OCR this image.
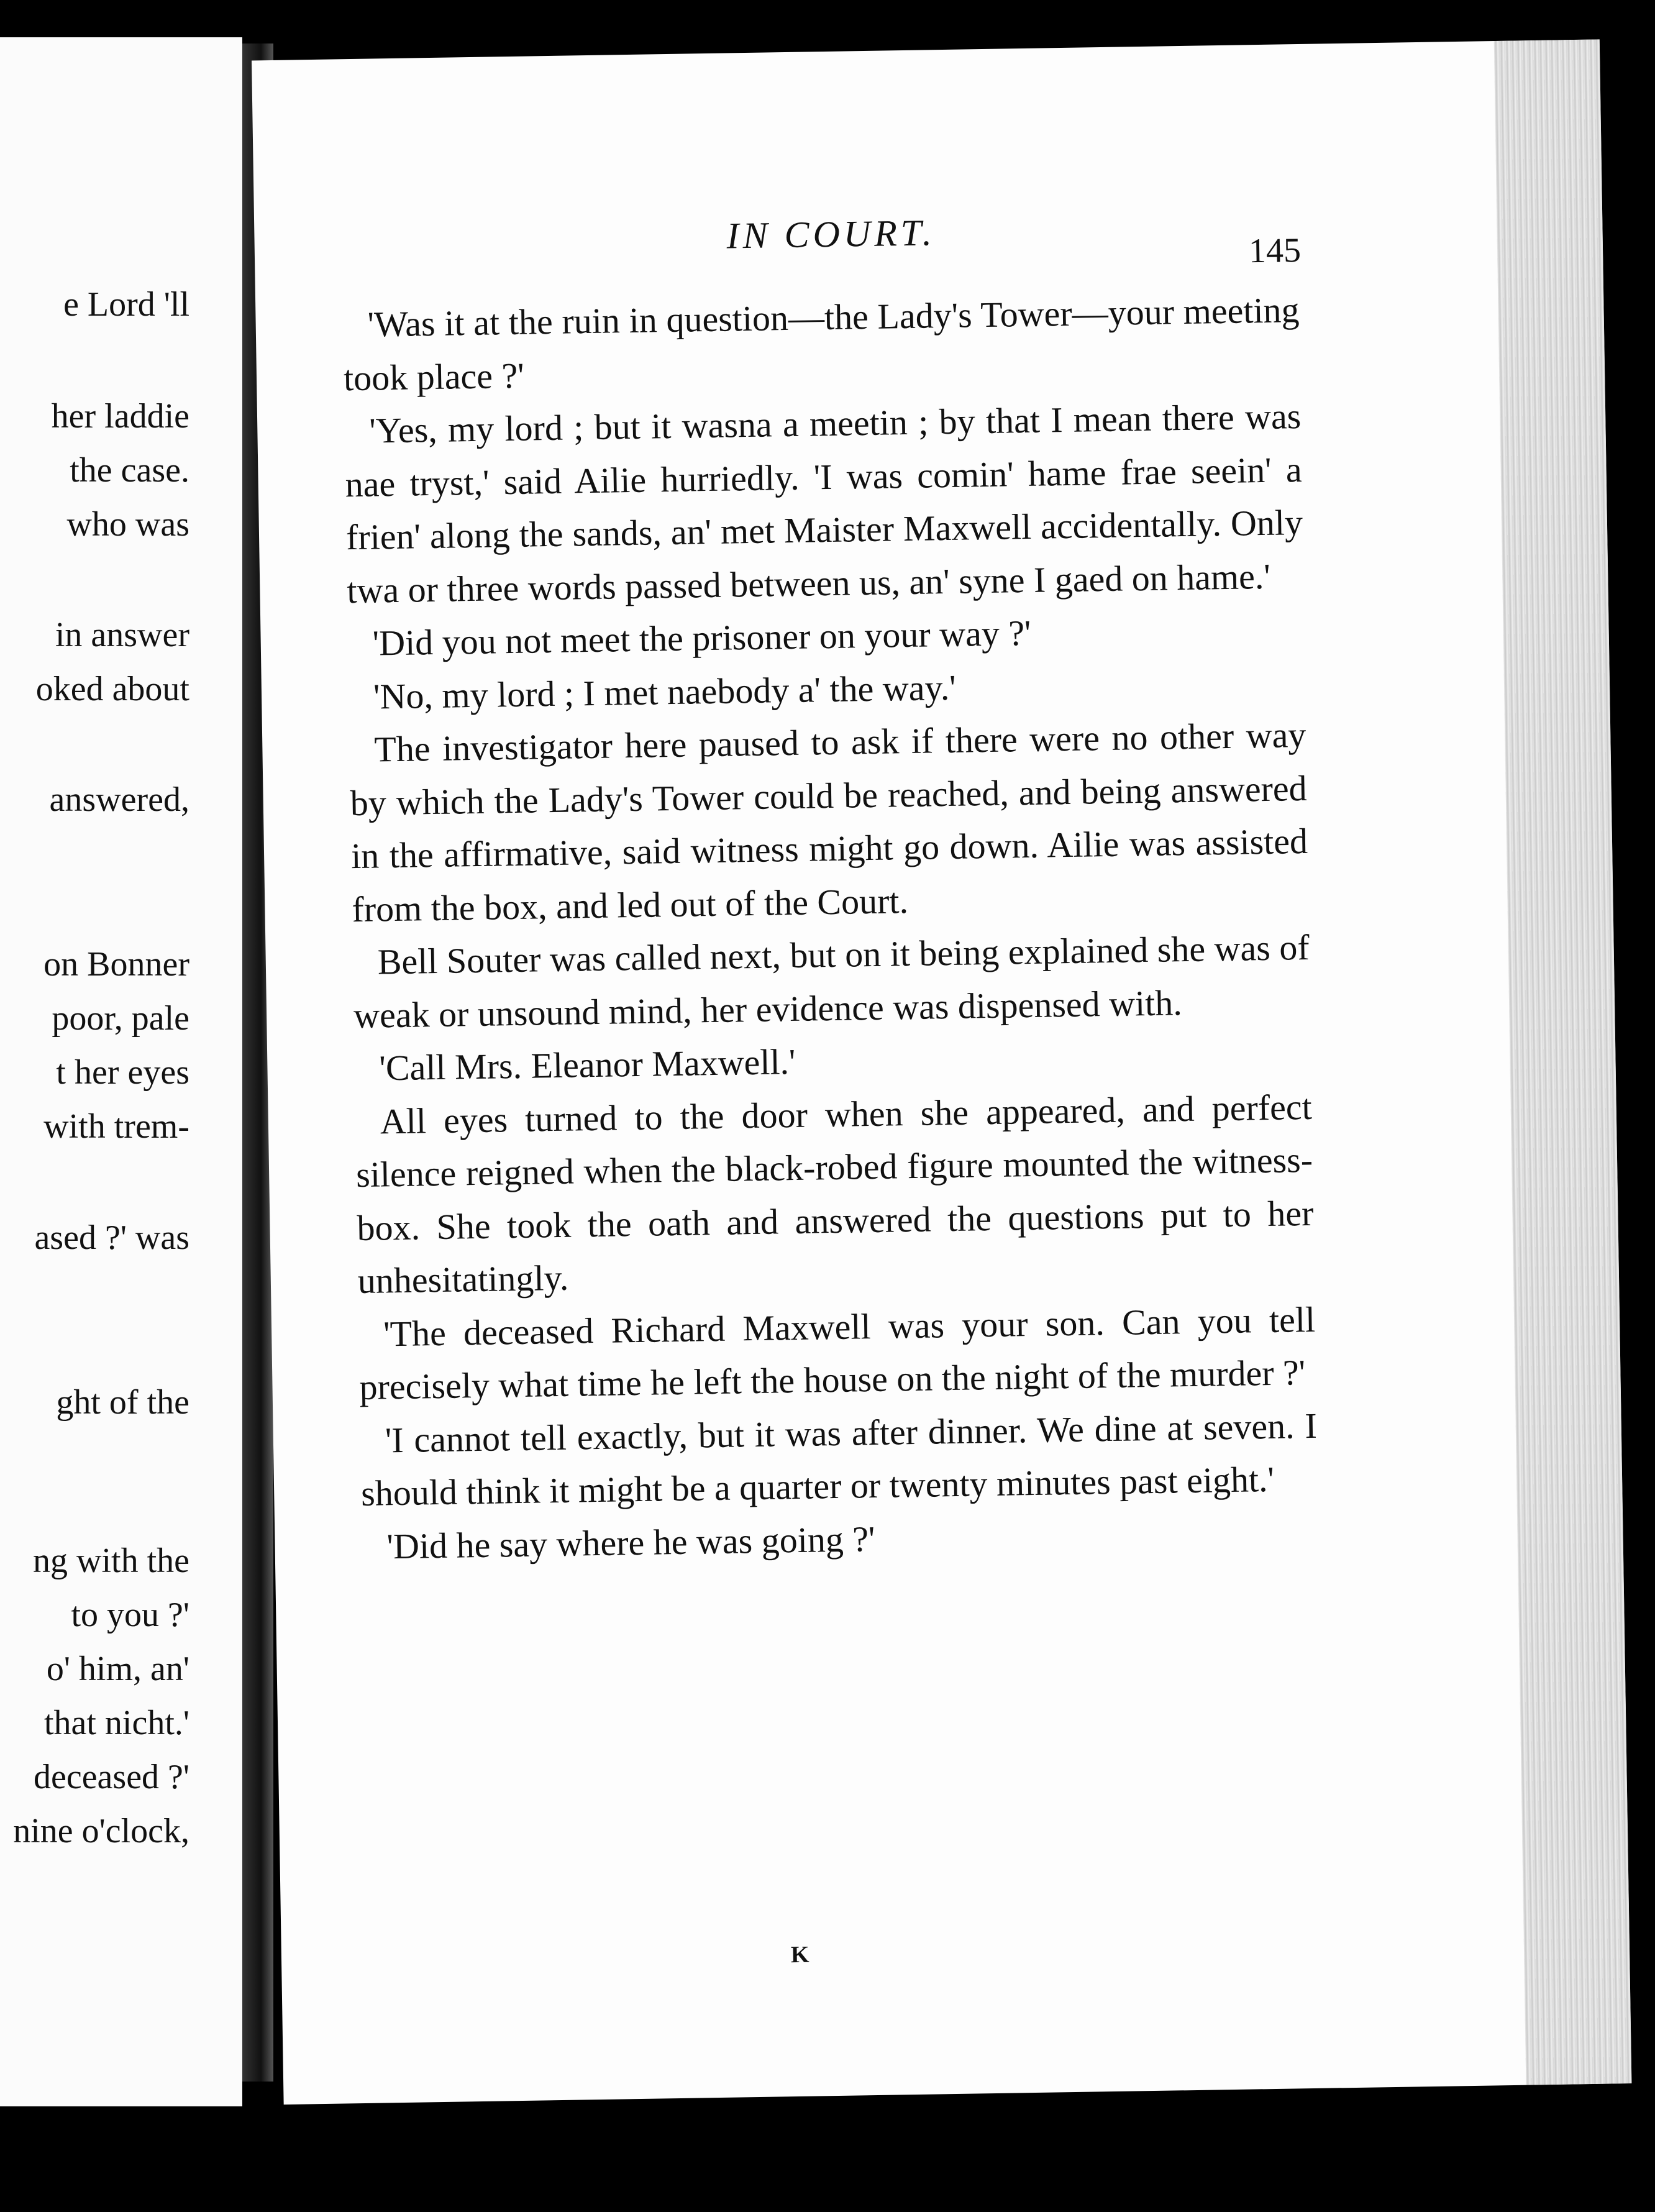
e Lord 'll
her laddie
the case.
who was
in answer
oked about
answered,
on Bonner
poor, pale
t her eyes
with trem-
ased ?' was
ght of the
ng with the
to you ?'
o' him, an'
that nicht.'
deceased ?'
nine o'clock,
IN COURT.	145

'Was it at the ruin in question—the Lady's Tower—your meeting took place ?'

'Yes, my lord ; but it wasna a meetin ; by that I mean there was nae tryst,' said Ailie hurriedly. 'I was comin' hame frae seein' a frien' along the sands, an' met Maister Maxwell accidentally. Only twa or three words passed between us, an' syne I gaed on hame.'

'Did you not meet the prisoner on your way ?'

'No, my lord ; I met naebody a' the way.'

The investigator here paused to ask if there were no other way by which the Lady's Tower could be reached, and being answered in the affirmative, said witness might go down. Ailie was assisted from the box, and led out of the Court.

Bell Souter was called next, but on it being explained she was of weak or unsound mind, her evidence was dispensed with.

'Call Mrs. Eleanor Maxwell.'

All eyes turned to the door when she appeared, and perfect silence reigned when the black-robed figure mounted the witness-box. She took the oath and answered the questions put to her unhesitatingly.

'The deceased Richard Maxwell was your son. Can you tell precisely what time he left the house on the night of the murder ?'

'I cannot tell exactly, but it was after dinner. We dine at seven. I should think it might be a quarter or twenty minutes past eight.'

'Did he say where he was going ?'

K
